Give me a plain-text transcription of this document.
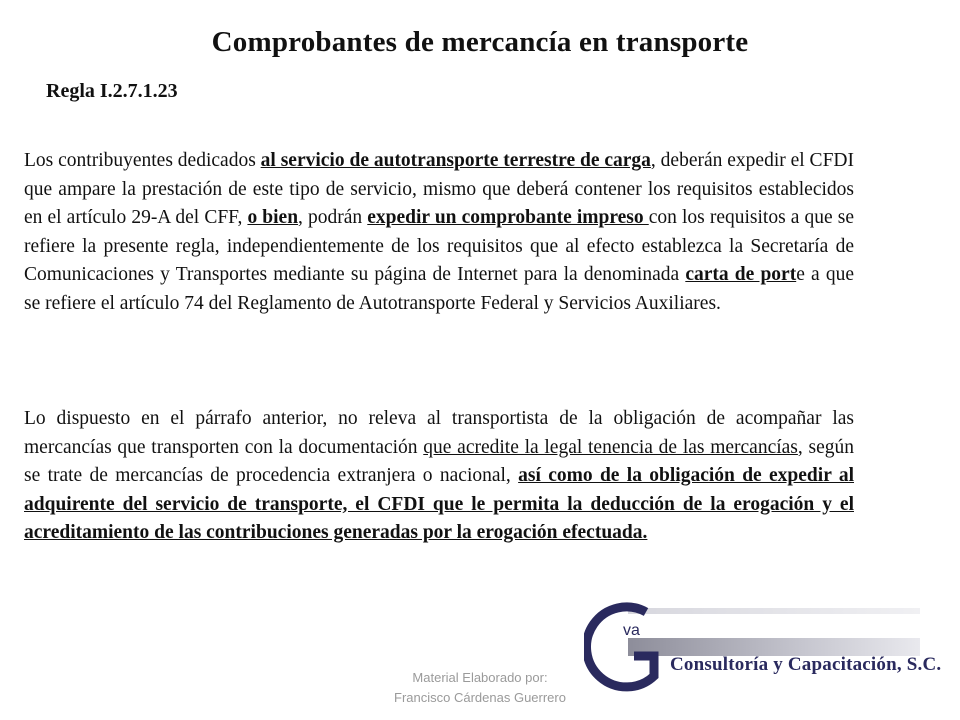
Comprobantes de mercancía en transporte
Regla I.2.7.1.23

Los contribuyentes dedicados al servicio de autotransporte terrestre de carga, deberán expedir el CFDI que ampare la prestación de este tipo de servicio, mismo que deberá contener los requisitos establecidos en el artículo 29-A del CFF, o bien, podrán expedir un comprobante impreso con los requisitos a que se refiere la presente regla, independientemente de los requisitos que al efecto establezca la Secretaría de Comunicaciones y Transportes mediante su página de Internet para la denominada carta de porte a que se refiere el artículo 74 del Reglamento de Autotransporte Federal y Servicios Auxiliares.

Lo dispuesto en el párrafo anterior, no releva al transportista de la obligación de acompañar las mercancías que transporten con la documentación que acredite la legal tenencia de las mercancías, según se trate de mercancías de procedencia extranjera o nacional, así como de la obligación de expedir al adquirente del servicio de transporte, el CFDI que le permita la deducción de la erogación y el acreditamiento de las contribuciones generadas por la erogación efectuada.

Material Elaborado por:
Francisco Cárdenas Guerrero
va
Consultoría y Capacitación, S.C.
